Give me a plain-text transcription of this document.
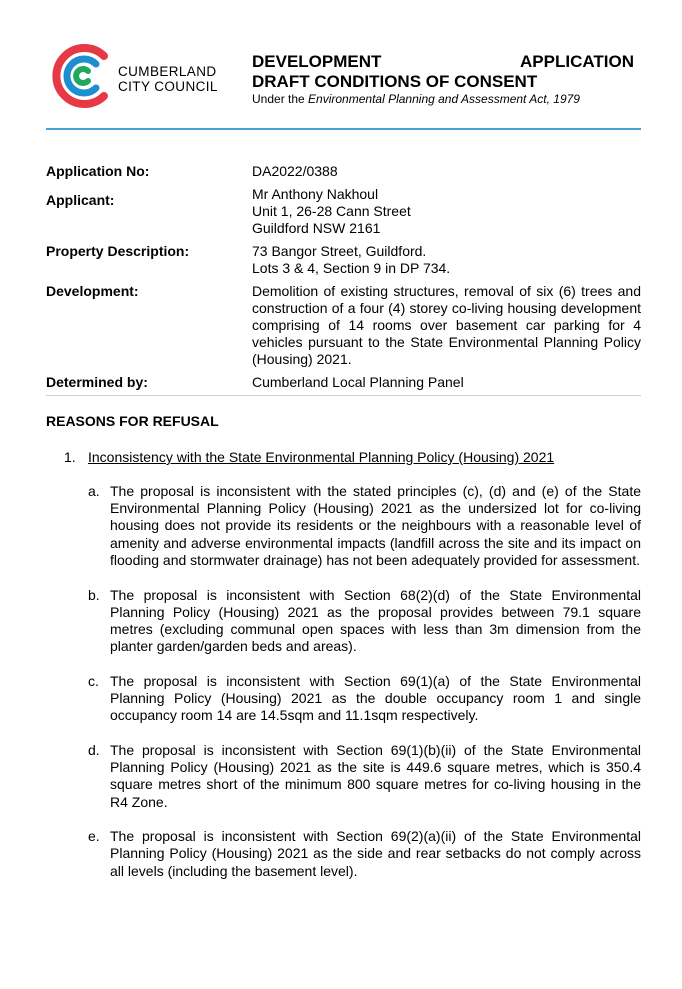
CUMBERLAND
CITY COUNCIL
DEVELOPMENT	APPLICATION
DRAFT CONDITIONS OF CONSENT
Under the Environmental Planning and Assessment Act, 1979
Application No:	DA2022/0388
Applicant:	Mr Anthony Nakhoul
Unit 1, 26-28 Cann Street
Guildford NSW 2161
Property Description:	73 Bangor Street, Guildford.
Lots 3 & 4, Section 9 in DP 734.
Development:	Demolition of existing structures, removal of six (6) trees and construction of a four (4) storey co-living housing development comprising of 14 rooms over basement car parking for 4 vehicles pursuant to the State Environmental Planning Policy (Housing) 2021.
Determined by:	Cumberland Local Planning Panel
REASONS FOR REFUSAL
1. Inconsistency with the State Environmental Planning Policy (Housing) 2021
a. The proposal is inconsistent with the stated principles (c), (d) and (e) of the State Environmental Planning Policy (Housing) 2021 as the undersized lot for co-living housing does not provide its residents or the neighbours with a reasonable level of amenity and adverse environmental impacts (landfill across the site and its impact on flooding and stormwater drainage) has not been adequately provided for assessment.
b. The proposal is inconsistent with Section 68(2)(d) of the State Environmental Planning Policy (Housing) 2021 as the proposal provides between 79.1 square metres (excluding communal open spaces with less than 3m dimension from the planter garden/garden beds and areas).
c. The proposal is inconsistent with Section 69(1)(a) of the State Environmental Planning Policy (Housing) 2021 as the double occupancy room 1 and single occupancy room 14 are 14.5sqm and 11.1sqm respectively.
d. The proposal is inconsistent with Section 69(1)(b)(ii) of the State Environmental Planning Policy (Housing) 2021 as the site is 449.6 square metres, which is 350.4 square metres short of the minimum 800 square metres for co-living housing in the R4 Zone.
e. The proposal is inconsistent with Section 69(2)(a)(ii) of the State Environmental Planning Policy (Housing) 2021 as the side and rear setbacks do not comply across all levels (including the basement level).
